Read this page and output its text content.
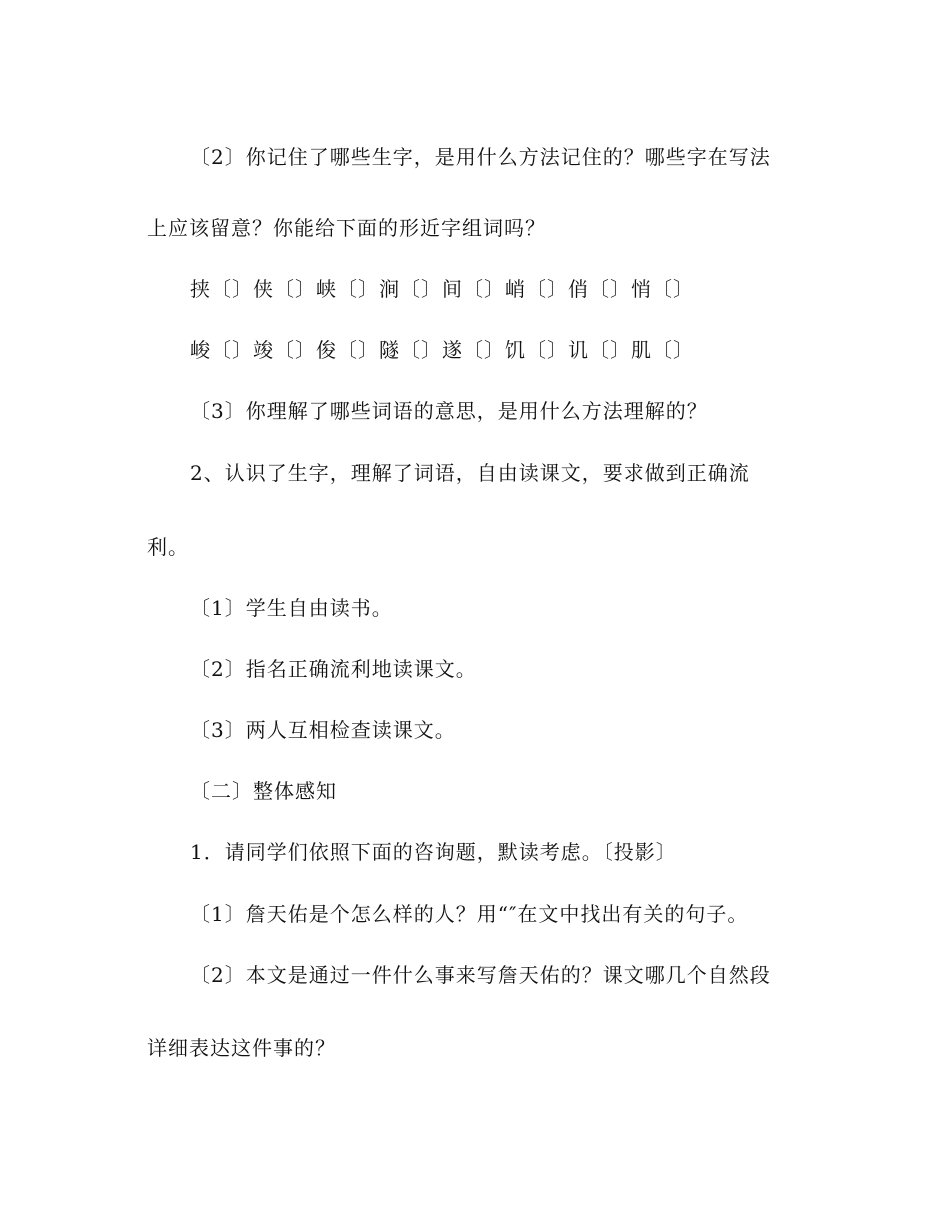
〔2〕你记住了哪些生字，是用什么方法记住的？哪些字在写法
上应该留意？你能给下面的形近字组词吗？
挟〔〕侠〔〕峡〔〕涧〔〕间〔〕峭〔〕俏〔〕悄〔〕
峻〔〕竣〔〕俊〔〕隧〔〕遂〔〕饥〔〕讥〔〕肌〔〕
〔3〕你理解了哪些词语的意思，是用什么方法理解的？
2、认识了生字，理解了词语，自由读课文，要求做到正确流
利。
〔1〕学生自由读书。
〔2〕指名正确流利地读课文。
〔3〕两人互相检查读课文。
〔二〕整体感知
1．请同学们依照下面的咨询题，默读考虑。〔投影〕
〔1〕詹天佑是个怎么样的人？用“″在文中找出有关的句子。
〔2〕本文是通过一件什么事来写詹天佑的？课文哪几个自然段
详细表达这件事的？
